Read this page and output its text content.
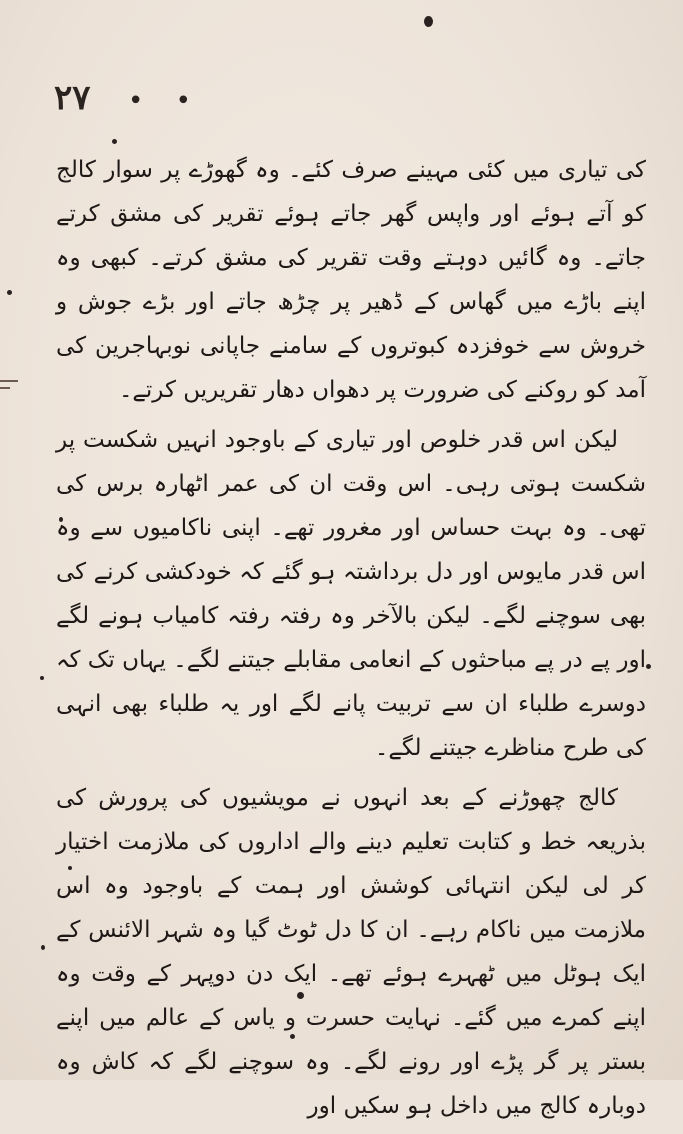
۲۷ • •

کی تیاری میں کئی مہینے صرف کئے۔ وہ گھوڑے پر سوار کالج کو آتے ہوئے اور واپس گھر جاتے ہوئے تقریر کی مشق کرتے جاتے۔ وہ گائیں دوہتے وقت تقریر کی مشق کرتے۔ کبھی وہ اپنے باڑے میں گھاس کے ڈھیر پر چڑھ جاتے اور بڑے جوش و خروش سے خوفزدہ کبوتروں کے سامنے جاپانی نوبہاجرین کی آمد کو روکنے کی ضرورت پر دھواں دھار تقریریں کرتے۔

لیکن اس قدر خلوص اور تیاری کے باوجود انہیں شکست پر شکست ہوتی رہی۔ اس وقت ان کی عمر اٹھارہ برس کی تھی۔ وہ بہت حساس اور مغرور تھے۔ اپنی ناکامیوں سے وہ اس قدر مایوس اور دل برداشتہ ہو گئے کہ خودکشی کرنے کی بھی سوچنے لگے۔ لیکن بالآخر وہ رفتہ رفتہ کامیاب ہونے لگے اور پے در پے مباحثوں کے انعامی مقابلے جیتنے لگے۔ یہاں تک کہ دوسرے طلباء ان سے تربیت پانے لگے اور یہ طلباء بھی انہی کی طرح مناظرے جیتنے لگے۔

کالج چھوڑنے کے بعد انہوں نے مویشیوں کی پرورش کی بذریعہ خط و کتابت تعلیم دینے والے اداروں کی ملازمت اختیار کر لی لیکن انتہائی کوشش اور ہمت کے باوجود وہ اس ملازمت میں ناکام رہے۔ ان کا دل ٹوٹ گیا وہ شہر الائنس کے ایک ہوٹل میں ٹھہرے ہوئے تھے۔ ایک دن دوپہر کے وقت وہ اپنے کمرے میں گئے۔ نہایت حسرت و یاس کے عالم میں اپنے بستر پر گر پڑے اور رونے لگے۔ وہ سوچنے لگے کہ کاش وہ دوبارہ کالج میں داخل ہو سکیں اور
